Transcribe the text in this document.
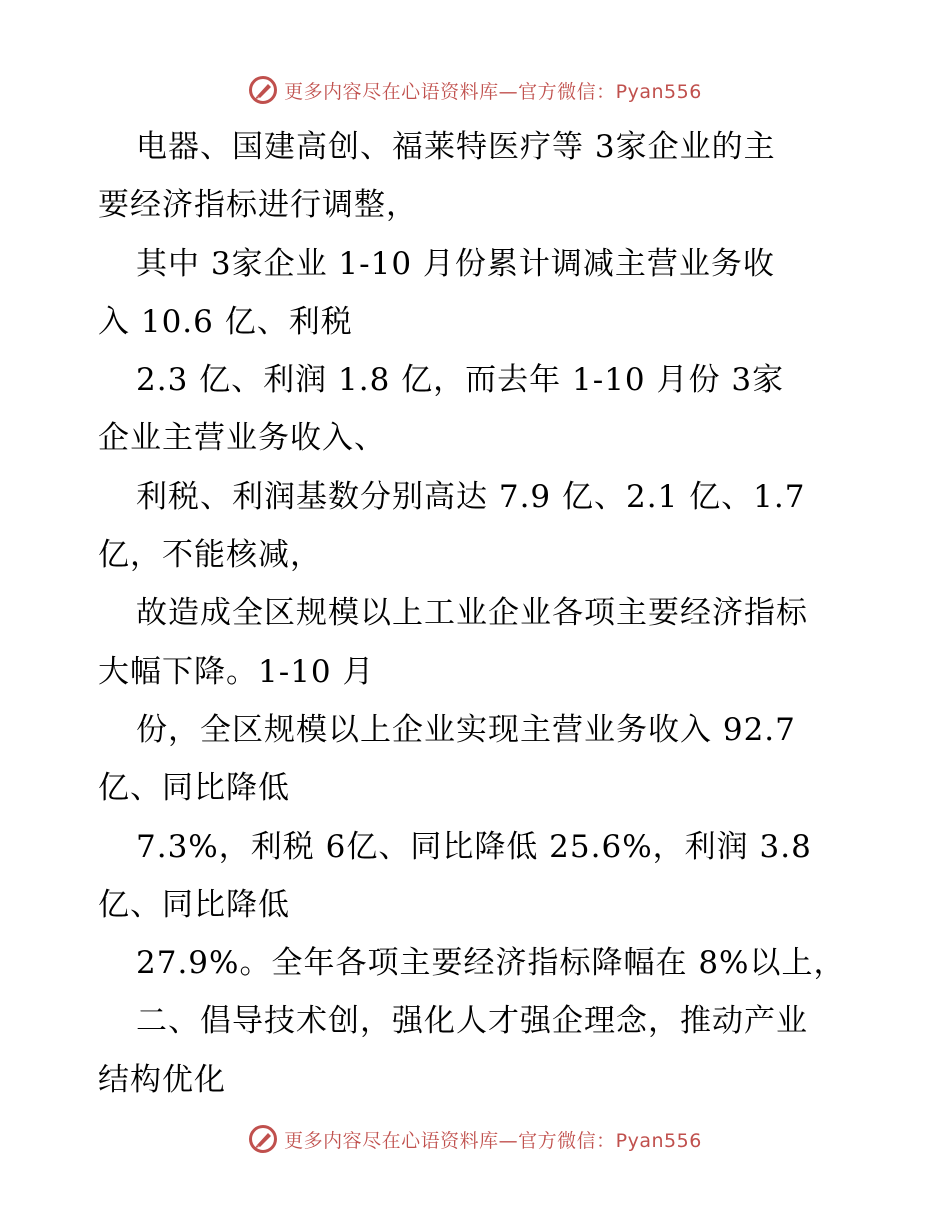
更多内容尽在心语资料库—官方微信：Pyan556
电器、国建高创、福莱特医疗等 3家企业的主
要经济指标进行调整，
其中 3家企业 1-10 月份累计调减主营业务收
入 10.6 亿、利税
2.3 亿、利润 1.8 亿，而去年 1-10 月份 3家
企业主营业务收入、
利税、利润基数分别高达 7.9 亿、2.1 亿、1.7
亿，不能核减，
故造成全区规模以上工业企业各项主要经济指标
大幅下降。1-10 月
份，全区规模以上企业实现主营业务收入 92.7
亿、同比降低
7.3%，利税 6亿、同比降低 25.6%，利润 3.8
亿、同比降低
27.9%。全年各项主要经济指标降幅在 8%以上，
二、倡导技术创，强化人才强企理念，推动产业
结构优化
更多内容尽在心语资料库—官方微信：Pyan556
